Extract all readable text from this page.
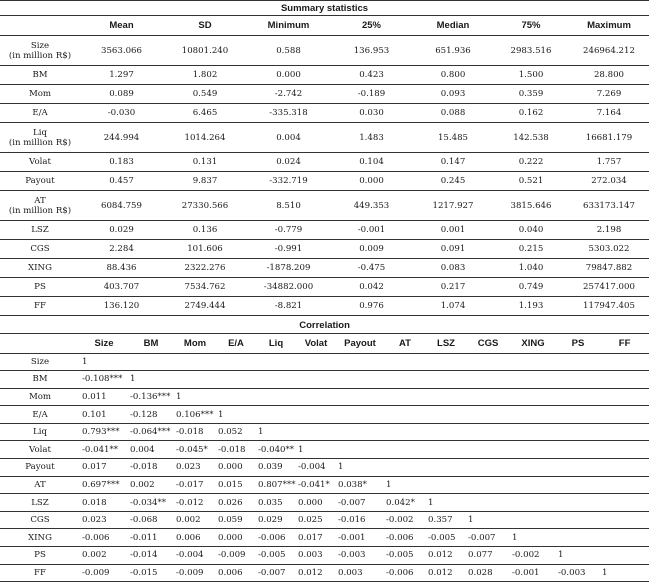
Summary statistics							
	Mean	SD	Minimum	25%	Median	75%	Maximum

Size
(in million R$)	3563.066	10801.240	0.588	136.953	651.936	2983.516	246964.212

BM	1.297	1.802	0.000	0.423	0.800	1.500	28.800

Mom	0.089	0.549	-2.742	-0.189	0.093	0.359	7.269

E/A	-0.030	6.465	-335.318	0.030	0.088	0.162	7.164

Liq
(in million R$)	244.994	1014.264	0.004	1.483	15.485	142.538	16681.179

Volat	0.183	0.131	0.024	0.104	0.147	0.222	1.757

Payout	0.457	9.837	-332.719	0.000	0.245	0.521	272.034

AT
(in million R$)	6084.759	27330.566	8.510	449.353	1217.927	3815.646	633173.147

LSZ	0.029	0.136	-0.779	-0.001	0.001	0.040	2.198

CGS	2.284	101.606	-0.991	0.009	0.091	0.215	5303.022

XING	88.436	2322.276	-1878.209	-0.475	0.083	1.040	79847.882

PS	403.707	7534.762	-34882.000	0.042	0.217	0.749	257417.000

FF	136.120	2749.444	-8.821	0.976	1.074	1.193	117947.405
Correlation													
	Size	BM	Mom	E/A	Liq	Volat	Payout	AT	LSZ	CGS	XING	PS	FF
Size	1												
BM	-0.108***	1											
Mom	0.011	-0.136***	1										
E/A	0.101	-0.128	0.106***	1									
Liq	0.793***	-0.064***	-0.018	0.052	1								
Volat	-0.041**	0.004	-0.045*	-0.018	-0.040**	1							
Payout	0.017	-0.018	0.023	0.000	0.039	-0.004	1						
AT	0.697***	0.002	-0.017	0.015	0.807***	-0.041*	0.038*	1					
LSZ	0.018	-0.034**	-0.012	0.026	0.035	0.000	-0.007	0.042*	1				
CGS	0.023	-0.068	0.002	0.059	0.029	0.025	-0.016	-0.002	0.357	1			
XING	-0.006	-0.011	0.006	0.000	-0.006	0.017	-0.001	-0.006	-0.005	-0.007	1		
PS	0.002	-0.014	-0.004	-0.009	-0.005	0.003	-0.003	-0.005	0.012	0.077	-0.002	1	
FF	-0.009	-0.015	-0.009	0.006	-0.007	0.012	0.003	-0.006	0.012	0.028	-0.001	-0.003	1
